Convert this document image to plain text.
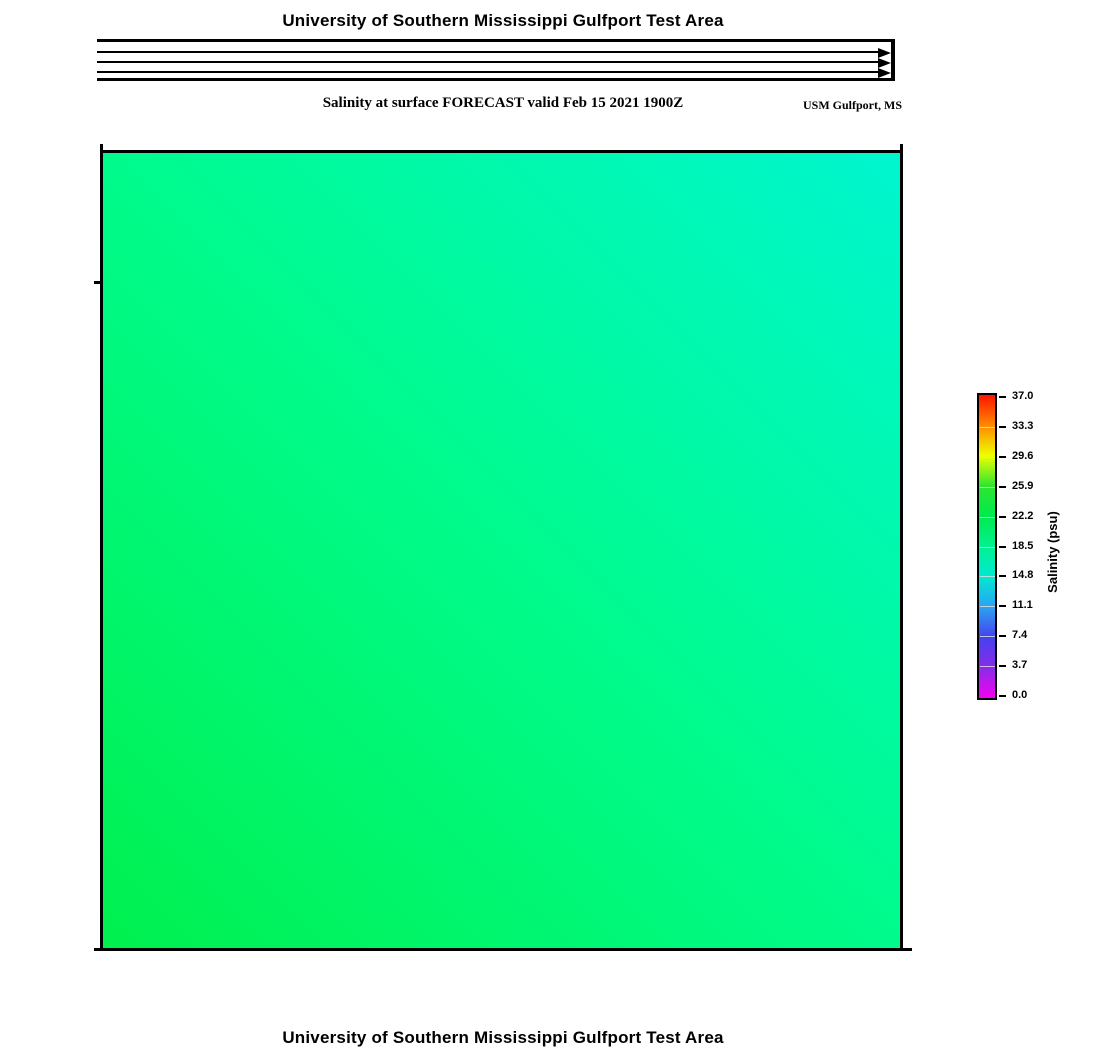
University of Southern Mississippi Gulfport Test Area
Salinity at surface FORECAST valid Feb 15 2021 1900Z	USM Gulfport, MS
37.0
33.3
29.6
25.9
22.2
18.5
14.8
11.1
7.4
3.7
0.0
Salinity (psu)
University of Southern Mississippi Gulfport Test Area
